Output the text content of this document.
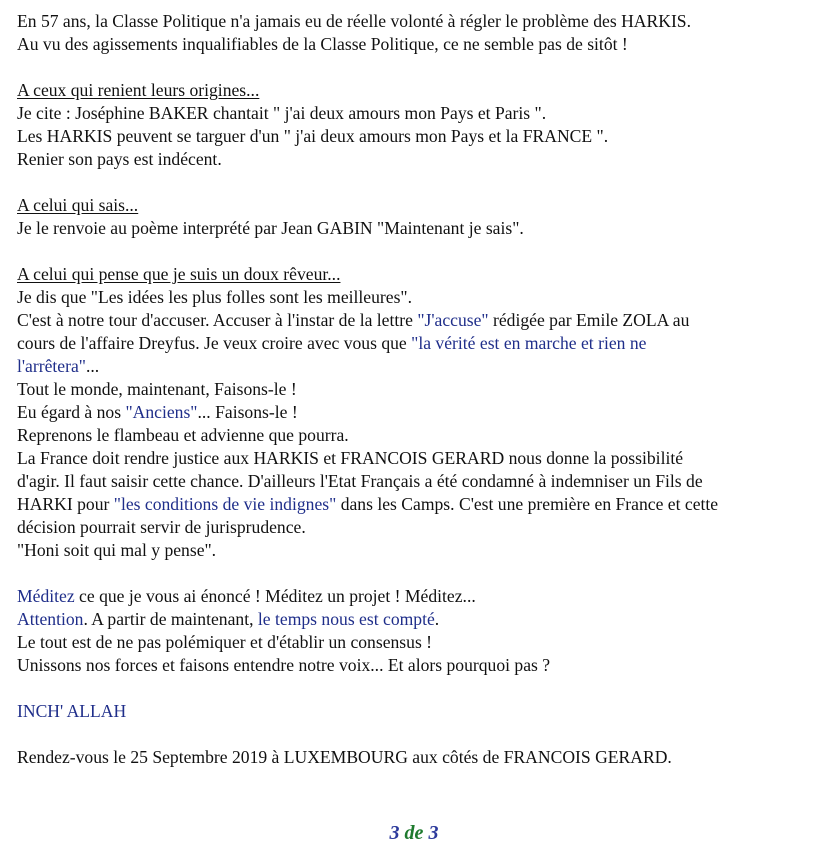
En 57 ans, la Classe Politique n'a jamais eu de réelle volonté à régler le problème des HARKIS.
Au vu des agissements inqualifiables de la Classe Politique, ce ne semble pas de sitôt !
A ceux qui renient leurs origines...
Je cite : Joséphine BAKER chantait " j'ai deux amours mon Pays et Paris ".
Les HARKIS peuvent se targuer d'un " j'ai deux amours mon Pays et la FRANCE ".
Renier son pays est indécent.
A celui qui sais...
Je le renvoie au poème interprété par Jean GABIN "Maintenant je sais".
A celui qui pense que je suis un doux rêveur...
Je dis que "Les idées les plus folles sont les meilleures".
C'est à notre tour d'accuser. Accuser à l'instar de la lettre "J'accuse" rédigée par Emile ZOLA au
cours de l'affaire Dreyfus. Je veux croire avec vous que "la vérité est en marche et rien ne
l'arrêtera"...
Tout le monde, maintenant, Faisons-le !
Eu égard à nos "Anciens"... Faisons-le !
Reprenons le flambeau et advienne que pourra.
La France doit rendre justice aux HARKIS et FRANCOIS GERARD nous donne la possibilité
d'agir. Il faut saisir cette chance. D'ailleurs l'Etat Français a été condamné à indemniser un Fils de
HARKI pour "les conditions de vie indignes" dans les Camps. C'est une première en France et cette
décision pourrait servir de jurisprudence.
"Honi soit qui mal y pense".
Méditez ce que je vous ai énoncé ! Méditez un projet ! Méditez...
Attention. A partir de maintenant, le temps nous est compté.
Le tout est de ne pas polémiquer et d'établir un consensus !
Unissons nos forces et faisons entendre notre voix... Et alors pourquoi pas ?
INCH' ALLAH
Rendez-vous le 25 Septembre 2019 à LUXEMBOURG aux côtés de FRANCOIS GERARD.
3 de 3
